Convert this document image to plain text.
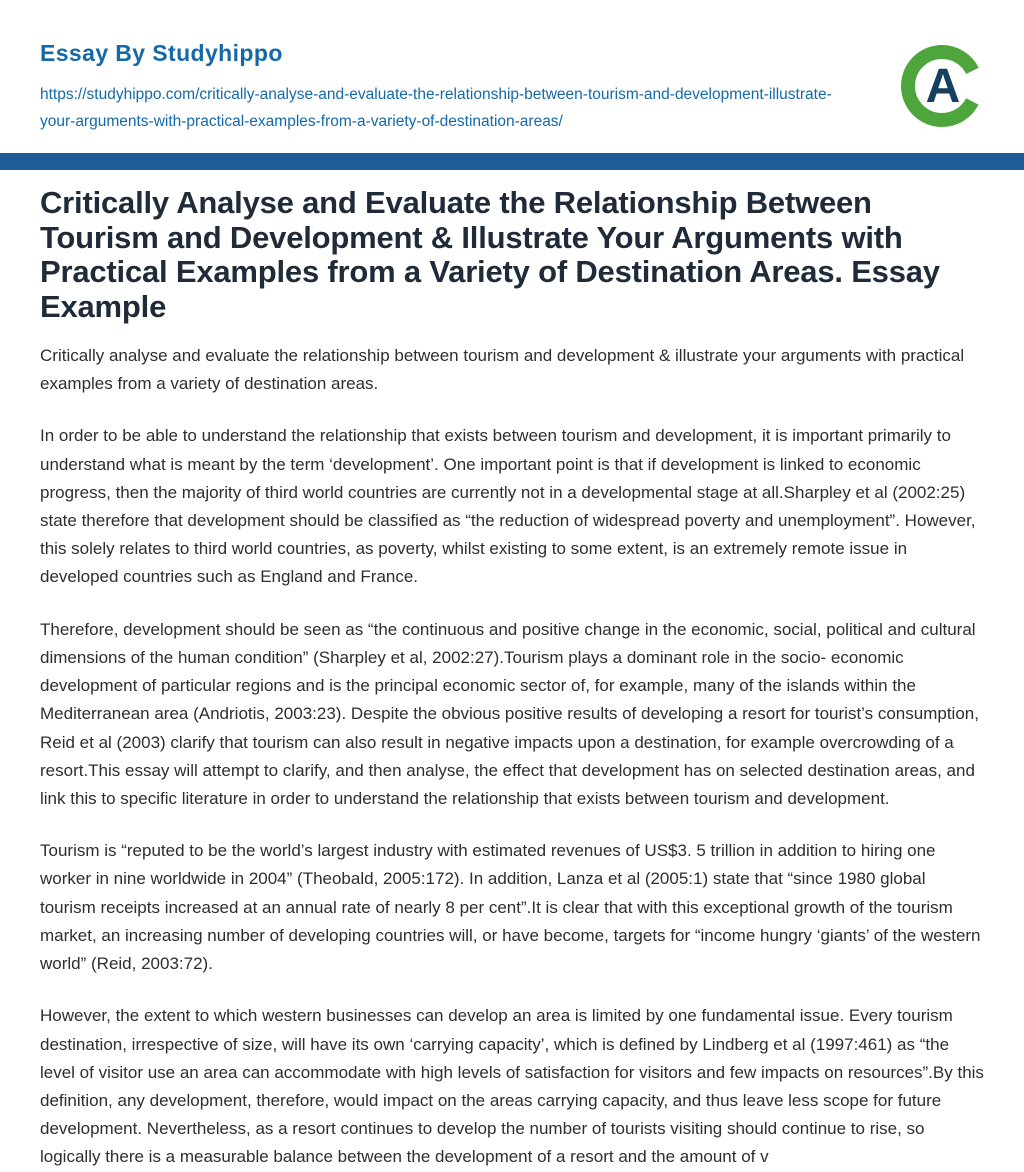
Essay By Studyhippo
https://studyhippo.com/critically-analyse-and-evaluate-the-relationship-between-tourism-and-development-illustrate-your-arguments-with-practical-examples-from-a-variety-of-destination-areas/
A
Critically Analyse and Evaluate the Relationship Between Tourism and Development & Illustrate Your Arguments with Practical Examples from a Variety of Destination Areas. Essay Example

Critically analyse and evaluate the relationship between tourism and development & illustrate your arguments with practical examples from a variety of destination areas.

In order to be able to understand the relationship that exists between tourism and development, it is important primarily to understand what is meant by the term ‘development’. One important point is that if development is linked to economic progress, then the majority of third world countries are currently not in a developmental stage at all.Sharpley et al (2002:25) state therefore that development should be classified as “the reduction of widespread poverty and unemployment”. However, this solely relates to third world countries, as poverty, whilst existing to some extent, is an extremely remote issue in developed countries such as England and France.

Therefore, development should be seen as “the continuous and positive change in the economic, social, political and cultural dimensions of the human condition” (Sharpley et al, 2002:27).Tourism plays a dominant role in the socio- economic development of particular regions and is the principal economic sector of, for example, many of the islands within the Mediterranean area (Andriotis, 2003:23). Despite the obvious positive results of developing a resort for tourist’s consumption, Reid et al (2003) clarify that tourism can also result in negative impacts upon a destination, for example overcrowding of a resort.This essay will attempt to clarify, and then analyse, the effect that development has on selected destination areas, and link this to specific literature in order to understand the relationship that exists between tourism and development.

Tourism is “reputed to be the world’s largest industry with estimated revenues of US$3. 5 trillion in addition to hiring one worker in nine worldwide in 2004” (Theobald, 2005:172). In addition, Lanza et al (2005:1) state that “since 1980 global tourism receipts increased at an annual rate of nearly 8 per cent”.It is clear that with this exceptional growth of the tourism market, an increasing number of developing countries will, or have become, targets for “income hungry ‘giants’ of the western world” (Reid, 2003:72).

However, the extent to which western businesses can develop an area is limited by one fundamental issue. Every tourism destination, irrespective of size, will have its own ‘carrying capacity’, which is defined by Lindberg et al (1997:461) as “the level of visitor use an area can accommodate with high levels of satisfaction for visitors and few impacts on resources”.By this definition, any development, therefore, would impact on the areas carrying capacity, and thus leave less scope for future development. Nevertheless, as a resort continues to develop the number of tourists visiting should continue to rise, so logically there is a measurable balance between the development of a resort and the amount of v
